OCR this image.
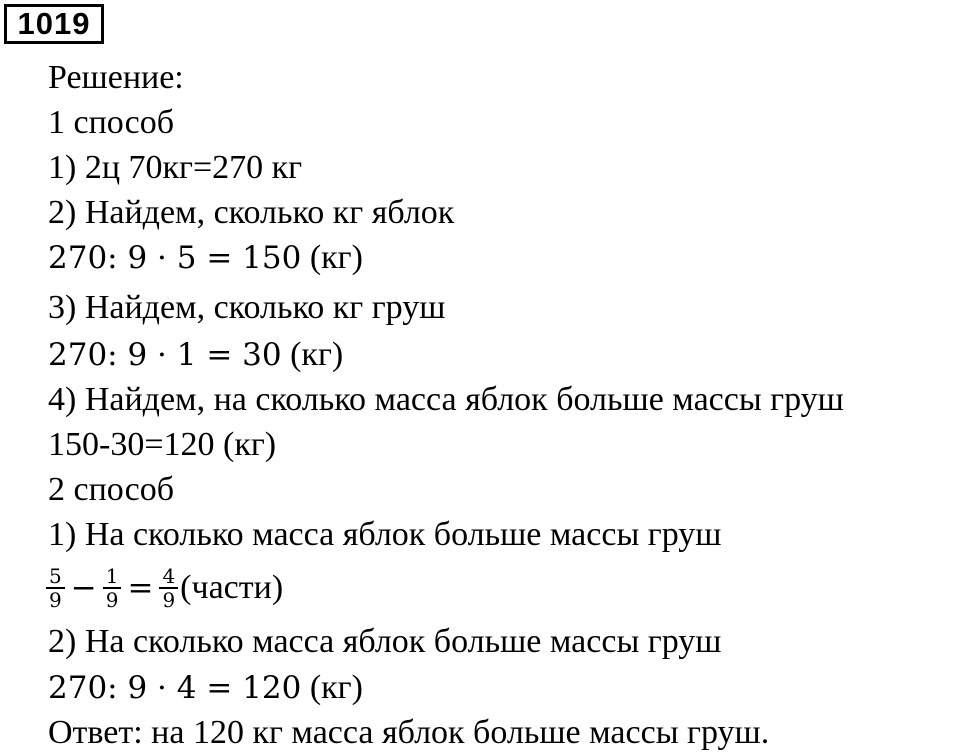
1019
Решение:
1 способ
1) 2ц 70кг=270 кг
2) Найдем, сколько кг яблок
270: 9 · 5 = 150 (кг)
3) Найдем, сколько кг груш
270: 9 · 1 = 30 (кг)
4) Найдем, на сколько масса яблок больше массы груш
150-30=120 (кг)
2 способ
1) На сколько масса яблок больше массы груш
$\frac{5}{9} - \frac{1}{9} = \frac{4}{9}$ (части)
2) На сколько масса яблок больше массы груш
270: 9 · 4 = 120 (кг)
Ответ: на 120 кг масса яблок больше массы груш.
